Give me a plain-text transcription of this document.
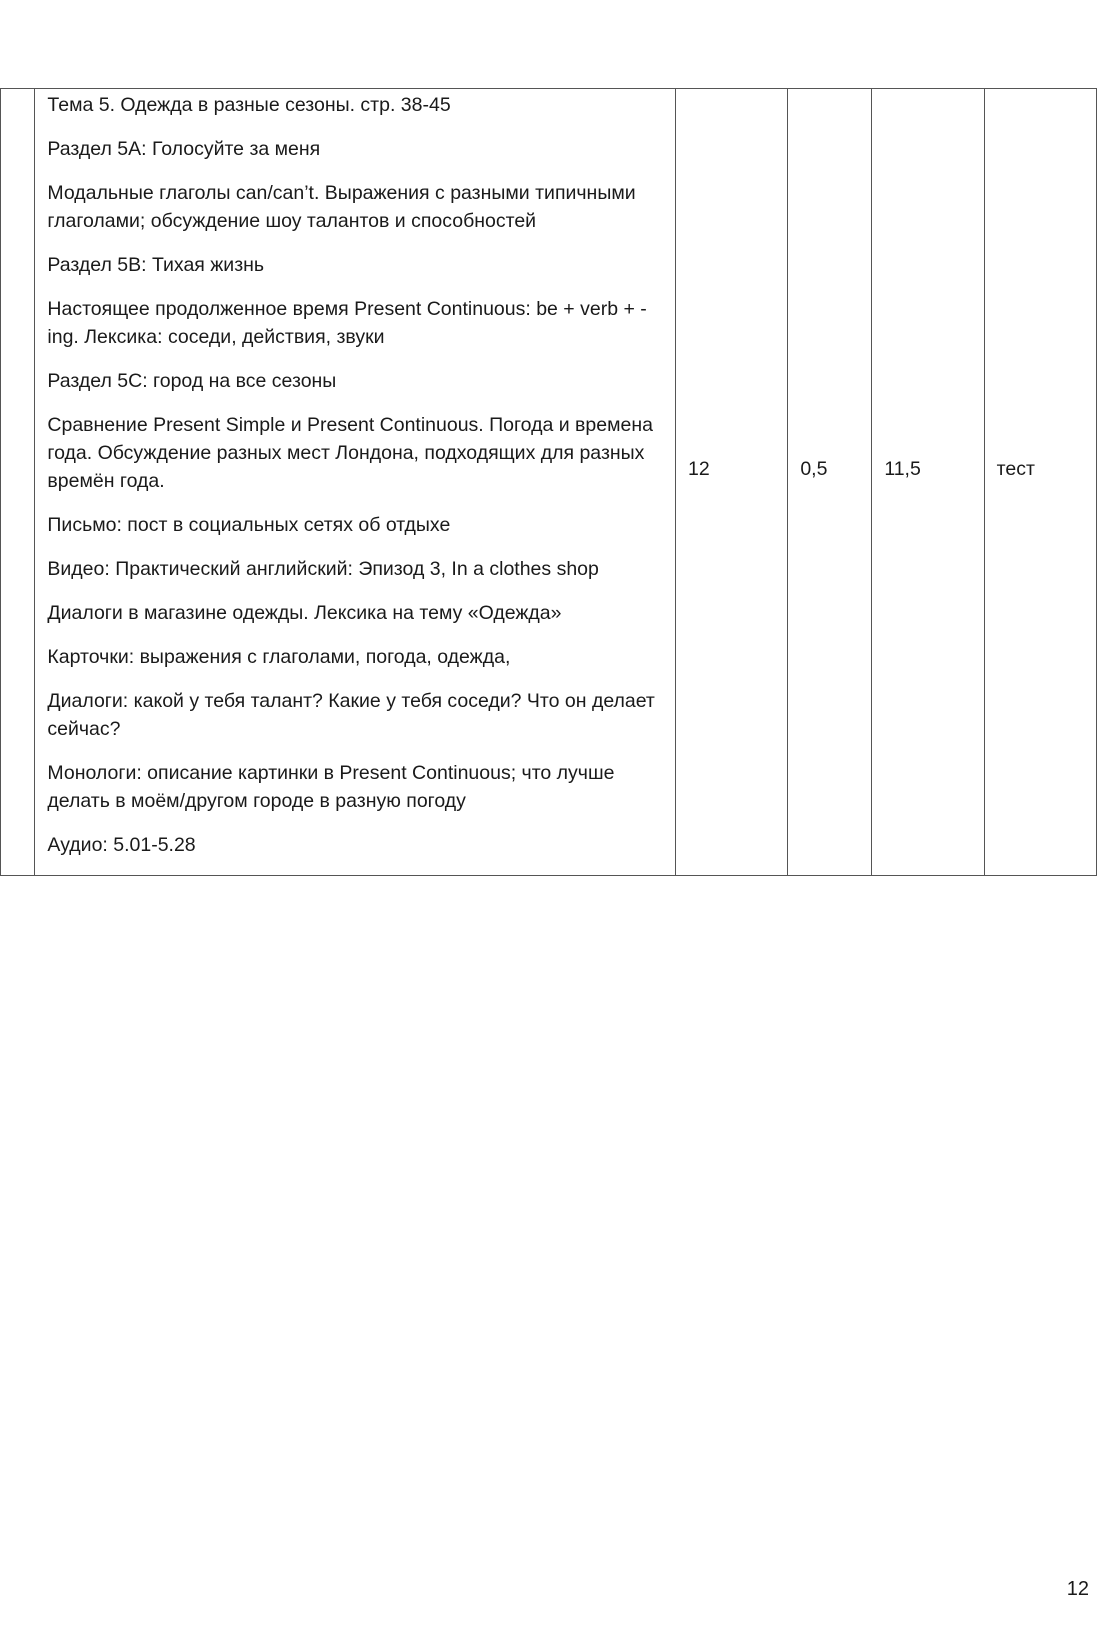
Тема 5. Одежда в разные сезоны. стр. 38-45

Раздел 5А: Голосуйте за меня

Модальные глаголы can/can’t. Выражения с разными типичными глаголами; обсуждение шоу талантов и способностей

Раздел 5В: Тихая жизнь

Настоящее продолженное время Present Continuous: be + verb + -ing. Лексика: соседи, действия, звуки

Раздел 5С: город на все сезоны

Сравнение Present Simple и Present Continuous. Погода и времена года. Обсуждение разных мест Лондона, подходящих для разных времён года.

Письмо: пост в социальных сетях об отдыхе

Видео: Практический английский: Эпизод 3, In a clothes shop

Диалоги в магазине одежды. Лексика на тему «Одежда»

Карточки: выражения с глаголами, погода, одежда,

Диалоги: какой у тебя талант? Какие у тебя соседи? Что он делает сейчас?

Монологи: описание картинки в Present Continuous; что лучше делать в моём/другом городе в разную погоду

Аудио: 5.01-5.28

12	0,5	11,5	тест
12
